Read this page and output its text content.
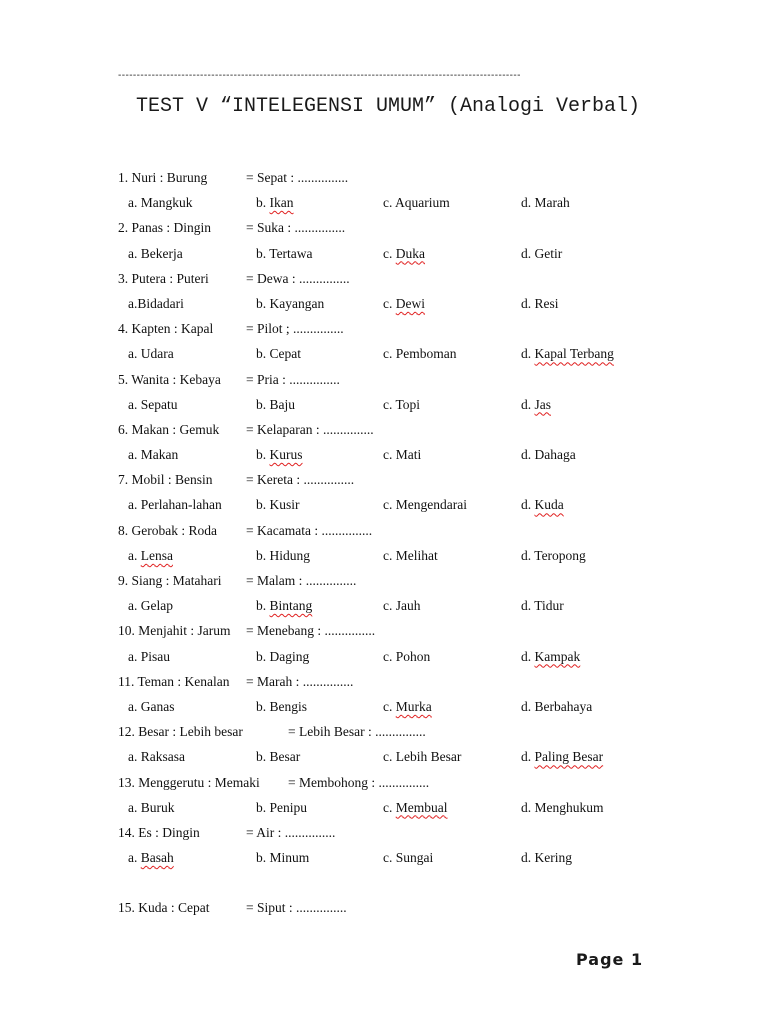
------------------------------------------------------------------------------------------------------------
TEST V “INTELEGENSI UMUM” (Analogi Verbal)
1. Nuri : Burung	= Sepat : ...............
a. Mangkuk	b. Ikan	c. Aquarium	d. Marah
2. Panas : Dingin	= Suka : ...............
a. Bekerja	b. Tertawa	c. Duka	d. Getir
3. Putera : Puteri	= Dewa : ...............
a.Bidadari	b. Kayangan	c. Dewi	d. Resi
4. Kapten : Kapal = Pilot ; ...............
a. Udara	b. Cepat	c. Pemboman	d. Kapal Terbang
5. Wanita : Kebaya = Pria : ...............
a. Sepatu	b. Baju	c. Topi	d. Jas
6. Makan : Gemuk = Kelaparan : ...............
a. Makan	b. Kurus	c. Mati	d. Dahaga
7. Mobil : Bensin = Kereta : ...............
a. Perlahan-lahan	b. Kusir	c. Mengendarai	d. Kuda
8. Gerobak : Roda = Kacamata : ...............
a. Lensa	b. Hidung	c. Melihat	d. Teropong
9. Siang : Matahari = Malam : ...............
a. Gelap	b. Bintang	c. Jauh	d. Tidur
10. Menjahit : Jarum = Menebang : ...............
a. Pisau	b. Daging	c. Pohon	d. Kampak
11. Teman : Kenalan = Marah : ...............
a. Ganas	b. Bengis	c. Murka	d. Berbahaya
12. Besar : Lebih besar	= Lebih Besar : ...............
a. Raksasa	b. Besar	c. Lebih Besar	d. Paling Besar
13. Menggerutu : Memaki = Membohong : ...............
a. Buruk	b. Penipu	c. Membual	d. Menghukum
14. Es : Dingin	= Air : ...............
a. Basah	b. Minum	c. Sungai	d. Kering
15. Kuda : Cepat	= Siput : ...............
Page 1
